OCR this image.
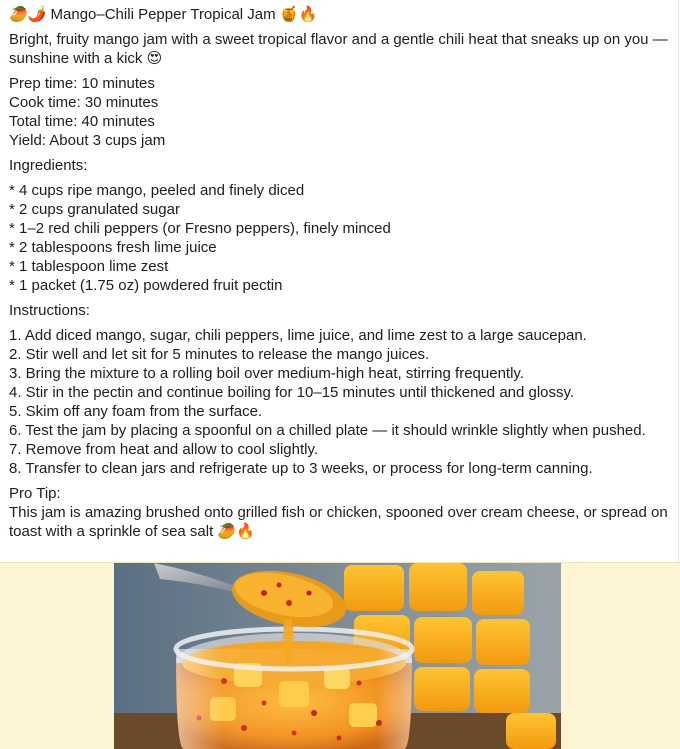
🥭🌶️ Mango–Chili Pepper Tropical Jam 🍯🔥
Bright, fruity mango jam with a sweet tropical flavor and a gentle chili heat that sneaks up on you — sunshine with a kick 😍
Prep time: 10 minutes
Cook time: 30 minutes
Total time: 40 minutes
Yield: About 3 cups jam
Ingredients:
* 4 cups ripe mango, peeled and finely diced
* 2 cups granulated sugar
* 1–2 red chili peppers (or Fresno peppers), finely minced
* 2 tablespoons fresh lime juice
* 1 tablespoon lime zest
* 1 packet (1.75 oz) powdered fruit pectin
Instructions:
1. Add diced mango, sugar, chili peppers, lime juice, and lime zest to a large saucepan.
2. Stir well and let sit for 5 minutes to release the mango juices.
3. Bring the mixture to a rolling boil over medium-high heat, stirring frequently.
4. Stir in the pectin and continue boiling for 10–15 minutes until thickened and glossy.
5. Skim off any foam from the surface.
6. Test the jam by placing a spoonful on a chilled plate — it should wrinkle slightly when pushed.
7. Remove from heat and allow to cool slightly.
8. Transfer to clean jars and refrigerate up to 3 weeks, or process for long-term canning.
Pro Tip:
This jam is amazing brushed onto grilled fish or chicken, spooned over cream cheese, or spread on toast with a sprinkle of sea salt 🥭🔥
